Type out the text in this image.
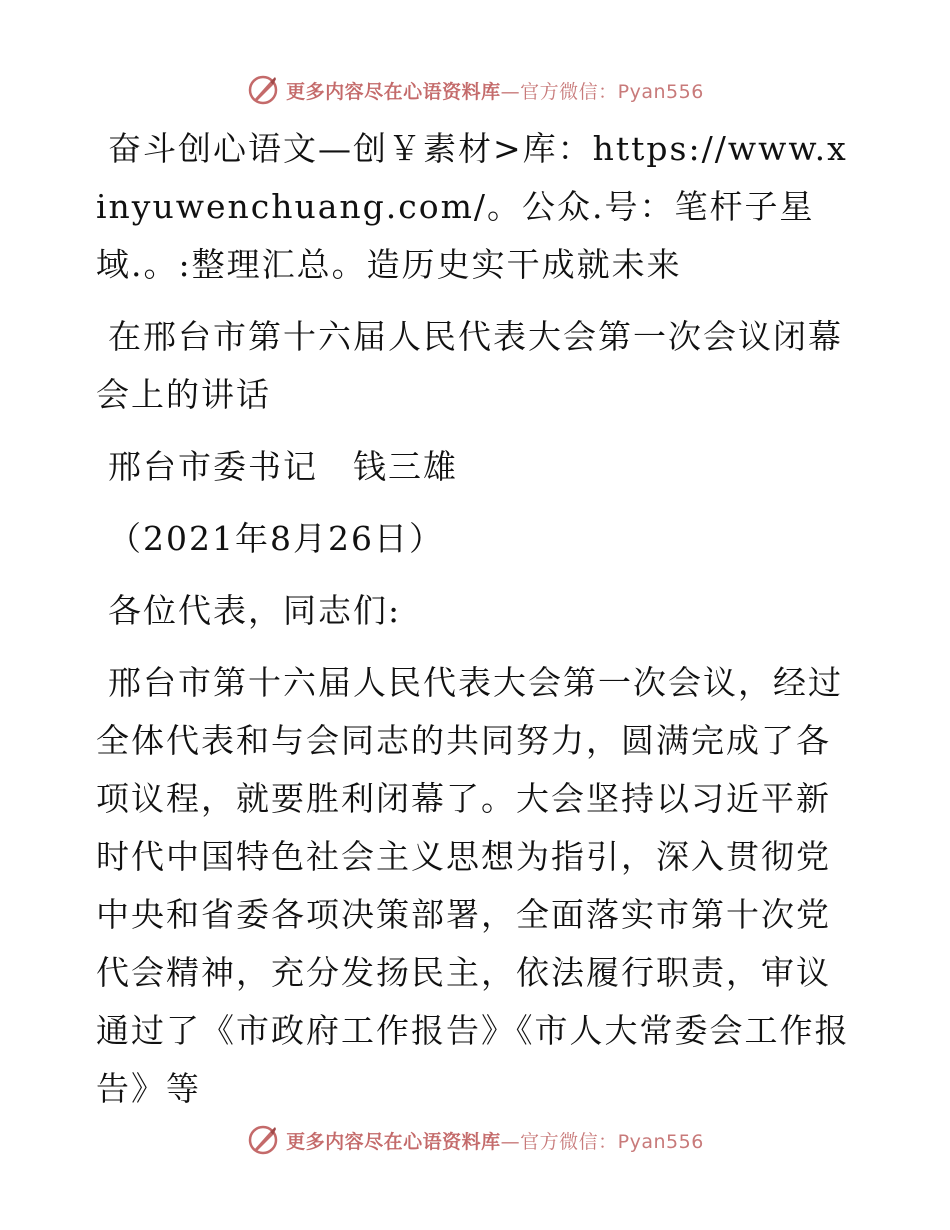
更多内容尽在心语资料库—官方微信：Pyan556

奋斗创心语文—创￥素材>库：https://www.xinyuwenchuang.com/。公众.号：笔杆子星域.。:整理汇总。造历史实干成就未来

在邢台市第十六届人民代表大会第一次会议闭幕会上的讲话

邢台市委书记　钱三雄

（2021年8月26日）

各位代表，同志们:

邢台市第十六届人民代表大会第一次会议，经过全体代表和与会同志的共同努力，圆满完成了各项议程，就要胜利闭幕了。大会坚持以习近平新时代中国特色社会主义思想为指引，深入贯彻党中央和省委各项决策部署，全面落实市第十次党代会精神，充分发扬民主，依法履行职责，审议通过了《市政府工作报告》《市人大常委会工作报告》等

更多内容尽在心语资料库—官方微信：Pyan556
